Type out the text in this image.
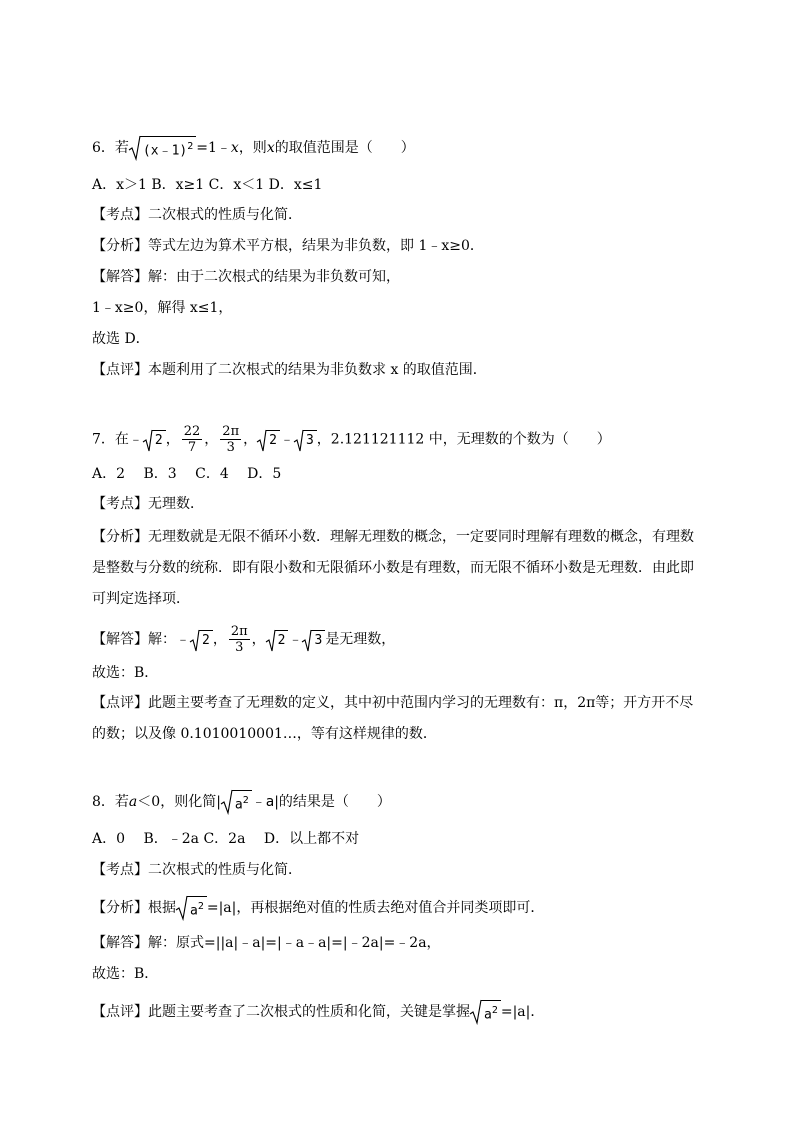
6．若 (x﹣1)$^2$ =1﹣x，则x的取值范围是（　　）
A．x＞1 B．x≥1 C．x＜1 D．x≤1
【考点】二次根式的性质与化简．
【分析】等式左边为算术平方根，结果为非负数，即 1﹣x≥0．
【解答】解：由于二次根式的结果为非负数可知，
1﹣x≥0，解得 x≤1，
故选 D．
【点评】本题利用了二次根式的结果为非负数求 x 的取值范围．
7．在﹣ 2 ， $\frac{22}{7}$ ， $\frac{2\pi}{3}$ ， 2 ﹣ 3 ，2.121121112 中，无理数的个数为（　　）
A．2　 B．3　 C．4　 D．5
【考点】无理数．
【分析】无理数就是无限不循环小数．理解无理数的概念，一定要同时理解有理数的概念，有理数是整数与分数的统称．即有限小数和无限循环小数是有理数，而无限不循环小数是无理数．由此即可判定选择项．
【解答】解：﹣ 2 ， $\frac{2\pi}{3}$ ， 2 ﹣ 3 是无理数，
故选：B．
【点评】此题主要考查了无理数的定义，其中初中范围内学习的无理数有：π，2π等；开方开不尽的数；以及像 0.1010010001…，等有这样规律的数．
8．若a＜0，则化简| $a^2$ ﹣a|的结果是（　　）
A．0　 B．﹣2a C．2a　 D．以上都不对
【考点】二次根式的性质与化简．
【分析】根据 $a^2 =|a|$，再根据绝对值的性质去绝对值合并同类项即可．
【解答】解：原式=||a|﹣a|=|﹣a﹣a|=|﹣2a|=﹣2a，
故选：B．
【点评】此题主要考查了二次根式的性质和化简，关键是掌握 $a^2 =|a|$．
